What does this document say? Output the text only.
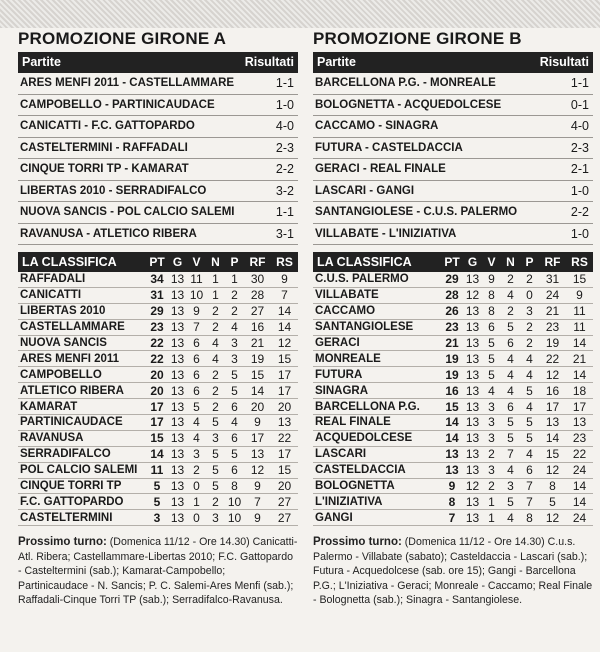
PROMOZIONE GIRONE A
Partite	Risultati
ARES MENFI 2011 - CASTELLAMMARE	1-1
CAMPOBELLO - PARTINICAUDACE	1-0
CANICATTI - F.C. GATTOPARDO	4-0
CASTELTERMINI - RAFFADALI	2-3
CINQUE TORRI TP - KAMARAT	2-2
LIBERTAS 2010 - SERRADIFALCO	3-2
NUOVA SANCIS - POL CALCIO SALEMI	1-1
RAVANUSA - ATLETICO RIBERA	3-1
LA CLASSIFICA	PT	G	V	N	P	RF	RS
RAFFADALI	34	13	11	1	1	30	9
CANICATTI	31	13	10	1	2	28	7
LIBERTAS 2010	29	13	9	2	2	27	14
CASTELLAMMARE	23	13	7	2	4	16	14
NUOVA SANCIS	22	13	6	4	3	21	12
ARES MENFI 2011	22	13	6	4	3	19	15
CAMPOBELLO	20	13	6	2	5	15	17
ATLETICO RIBERA	20	13	6	2	5	14	17
KAMARAT	17	13	5	2	6	20	20
PARTINICAUDACE	17	13	4	5	4	9	13
RAVANUSA	15	13	4	3	6	17	22
SERRADIFALCO	14	13	3	5	5	13	17
POL CALCIO SALEMI	11	13	2	5	6	12	15
CINQUE TORRI TP	5	13	0	5	8	9	20
F.C. GATTOPARDO	5	13	1	2	10	7	27
CASTELTERMINI	3	13	0	3	10	9	27
Prossimo turno: (Domenica 11/12 - Ore 14.30) Canicatti-Atl. Ribera; Castellammare-Libertas 2010; F.C. Gattopardo - Casteltermini (sab.); Kamarat-Campobello; Partinicaudace - N. Sancis; P. C. Salemi-Ares Menfi (sab.); Raffadali-Cinque Torri TP (sab.); Serradifalco-Ravanusa.
PROMOZIONE GIRONE B
Partite	Risultati
BARCELLONA P.G. - MONREALE	1-1
BOLOGNETTA - ACQUEDOLCESE	0-1
CACCAMO - SINAGRA	4-0
FUTURA - CASTELDACCIA	2-3
GERACI - REAL FINALE	2-1
LASCARI - GANGI	1-0
SANTANGIOLESE - C.U.S. PALERMO	2-2
VILLABATE - L'INIZIATIVA	1-0
LA CLASSIFICA	PT	G	V	N	P	RF	RS
C.U.S. PALERMO	29	13	9	2	2	31	15
VILLABATE	28	12	8	4	0	24	9
CACCAMO	26	13	8	2	3	21	11
SANTANGIOLESE	23	13	6	5	2	23	11
GERACI	21	13	5	6	2	19	14
MONREALE	19	13	5	4	4	22	21
FUTURA	19	13	5	4	4	12	14
SINAGRA	16	13	4	4	5	16	18
BARCELLONA P.G.	15	13	3	6	4	17	17
REAL FINALE	14	13	3	5	5	13	13
ACQUEDOLCESE	14	13	3	5	5	14	23
LASCARI	13	13	2	7	4	15	22
CASTELDACCIA	13	13	3	4	6	12	24
BOLOGNETTA	9	12	2	3	7	8	14
L'INIZIATIVA	8	13	1	5	7	5	14
GANGI	7	13	1	4	8	12	24
Prossimo turno: (Domenica 11/12 - Ore 14.30) C.u.s. Palermo - Villabate (sabato); Casteldaccia - Lascari (sab.); Futura - Acquedolcese (sab. ore 15); Gangi - Barcellona P.G.; L'Iniziativa - Geraci; Monreale - Caccamo; Real Finale - Bolognetta (sab.); Sinagra - Santangiolese.
